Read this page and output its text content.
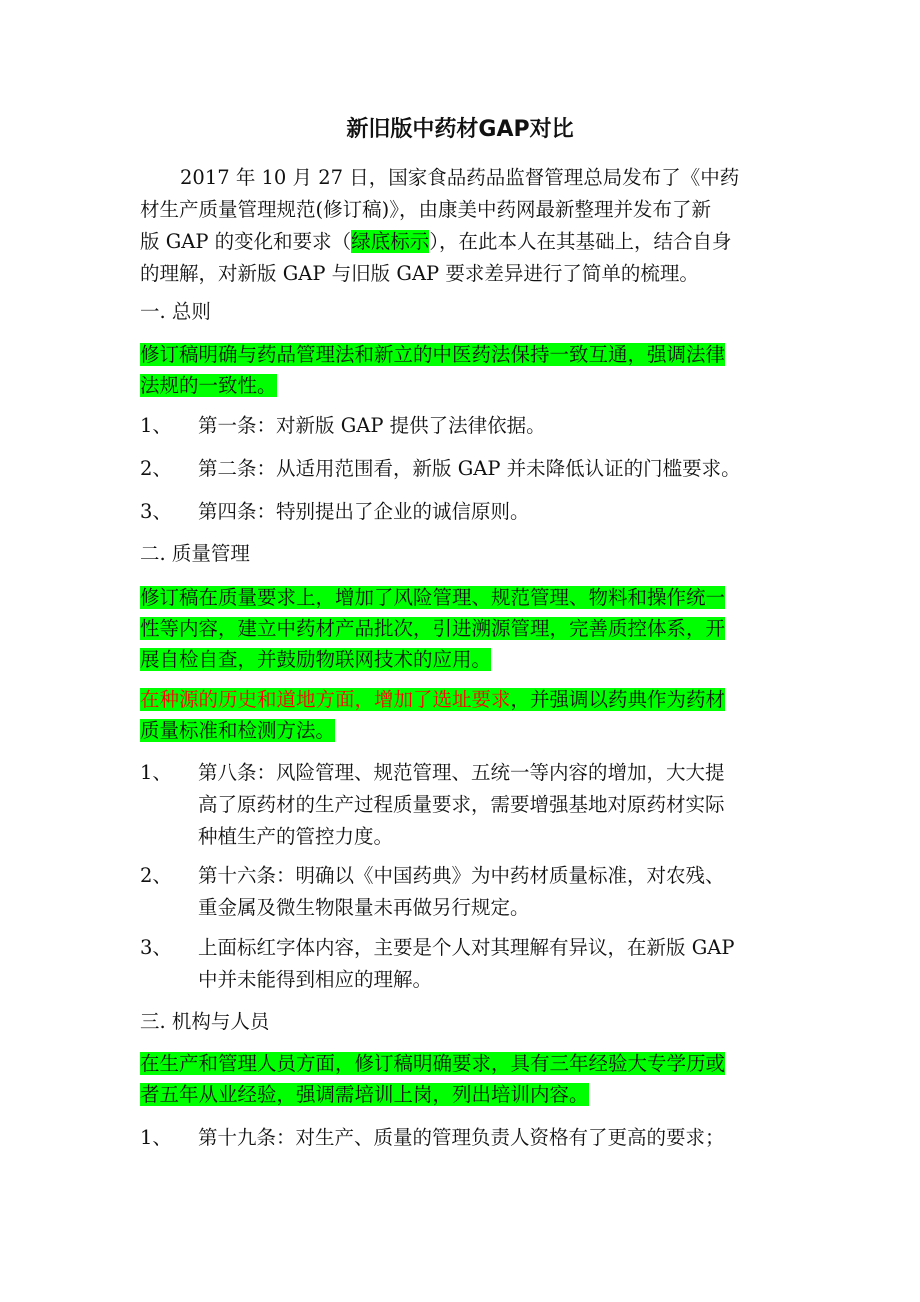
新旧版中药材GAP对比
2017 年 10 月 27 日，国家食品药品监督管理总局发布了《中药
材生产质量管理规范(修订稿)》，由康美中药网最新整理并发布了新
版 GAP 的变化和要求（绿底标示），在此本人在其基础上，结合自身
的理解，对新版 GAP 与旧版 GAP 要求差异进行了简单的梳理。
一. 总则
修订稿明确与药品管理法和新立的中医药法保持一致互通，强调法律
法规的一致性。
1、 第一条：对新版 GAP 提供了法律依据。
2、 第二条：从适用范围看，新版 GAP 并未降低认证的门槛要求。
3、 第四条：特别提出了企业的诚信原则。
二. 质量管理
修订稿在质量要求上，增加了风险管理、规范管理、物料和操作统一
性等内容，建立中药材产品批次，引进溯源管理，完善质控体系，开
展自检自查，并鼓励物联网技术的应用。
在种源的历史和道地方面，增加了选址要求，并强调以药典作为药材
质量标准和检测方法。
1、 第八条：风险管理、规范管理、五统一等内容的增加，大大提
高了原药材的生产过程质量要求，需要增强基地对原药材实际
种植生产的管控力度。
2、 第十六条：明确以《中国药典》为中药材质量标准，对农残、
重金属及微生物限量未再做另行规定。
3、 上面标红字体内容，主要是个人对其理解有异议，在新版 GAP
中并未能得到相应的理解。
三. 机构与人员
在生产和管理人员方面，修订稿明确要求，具有三年经验大专学历或
者五年从业经验，强调需培训上岗，列出培训内容。
1、 第十九条：对生产、质量的管理负责人资格有了更高的要求；
